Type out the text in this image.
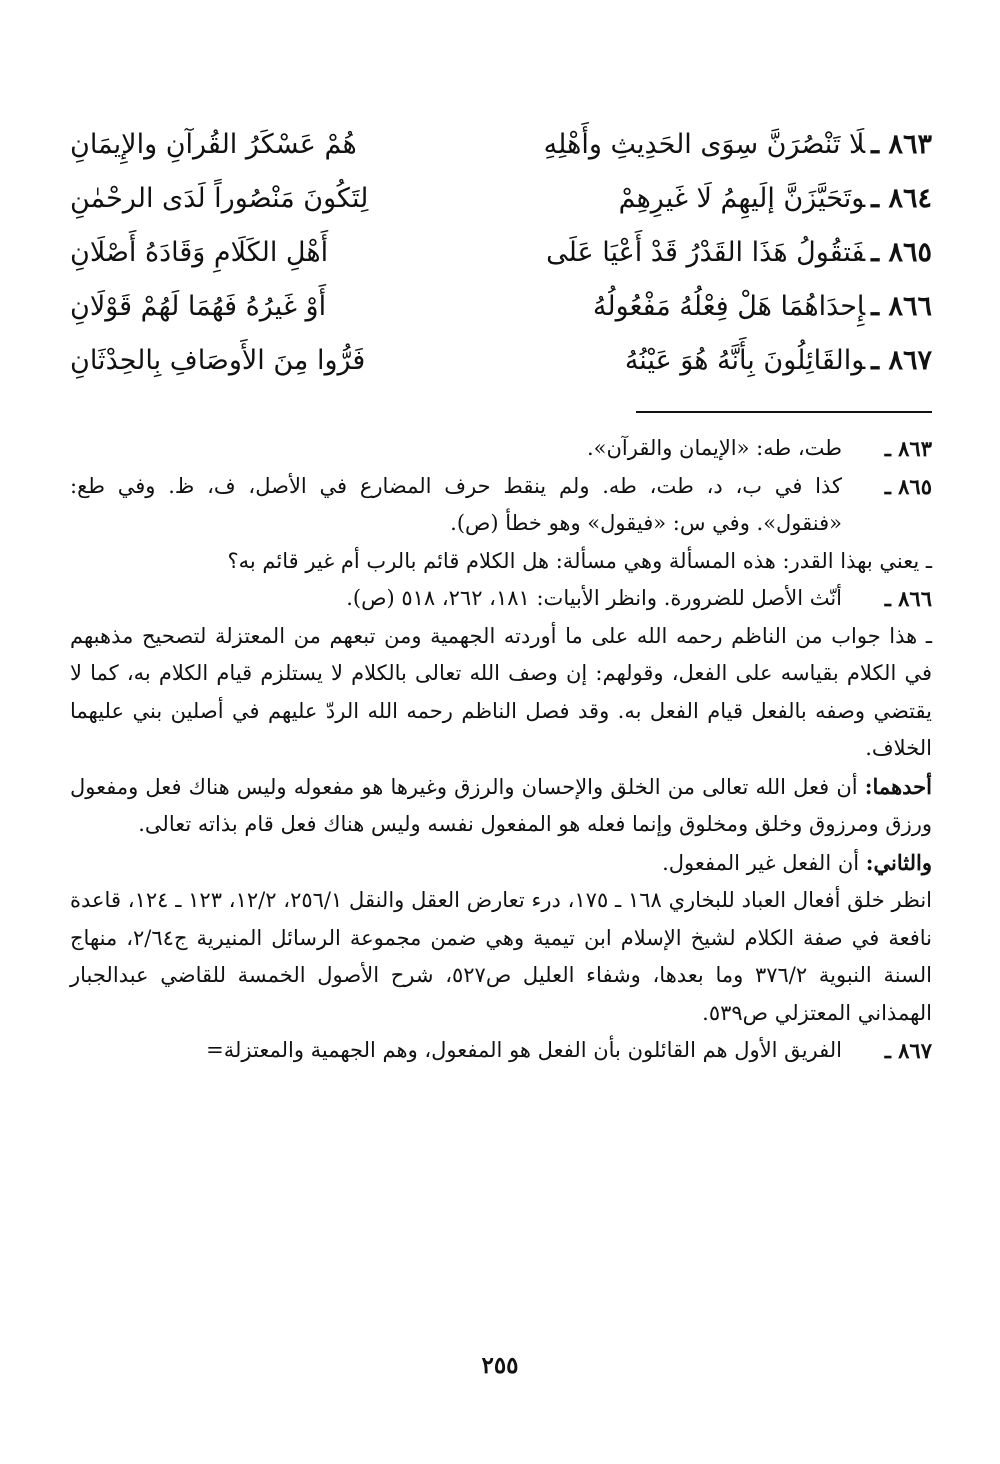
٨٦٣ ـلَا تَنْصُرَنَّ سِوَى الحَدِيثِ وأَهْلِهِ
هُمْ عَسْكَرُ القُرآنِ والإِيمَانِ
٨٦٤ ـوتَحَيَّزَنَّ إلَيهِمُ لَا غَيرِهِمْ
لِتَكُونَ مَنْصُوراً لَدَى الرحْمٰنِ
٨٦٥ ـفَتقُولُ هَذَا القَدْرُ قَدْ أَعْيَا عَلَى
أَهْلِ الكَلَامِ وَقَادَهُ أَصْلَانِ
٨٦٦ ـإِحدَاهُمَا هَلْ فِعْلُهُ مَفْعُولُهُ
أَوْ غَيرُهُ فَهُمَا لَهُمْ قَوْلَانِ
٨٦٧ ـوالقَائِلُونَ بِأَنَّهُ هُوَ عَيْنُهُ
فَرُّوا مِنَ الأَوصَافِ بِالحِدْثَانِ
٨٦٣ ـ
طت، طه: «الإيمان والقرآن».
٨٦٥ ـ
كذا في ب، د، طت، طه. ولم ينقط حرف المضارع في الأصل، ف، ظ. وفي طع: «فنقول». وفي س: «فيقول» وهو خطأ (ص).
ـ يعني بهذا القدر: هذه المسألة وهي مسألة: هل الكلام قائم بالرب أم غير قائم به؟
٨٦٦ ـ
أنّث الأصل للضرورة. وانظر الأبيات: ١٨١، ٢٦٢، ٥١٨ (ص).
ـ هذا جواب من الناظم رحمه الله على ما أوردته الجهمية ومن تبعهم من المعتزلة لتصحيح مذهبهم في الكلام بقياسه على الفعل، وقولهم: إن وصف الله تعالى بالكلام لا يستلزم قيام الكلام به، كما لا يقتضي وصفه بالفعل قيام الفعل به. وقد فصل الناظم رحمه الله الردّ عليهم في أصلين بني عليهما الخلاف.
أحدهما: أن فعل الله تعالى من الخلق والإحسان والرزق وغيرها هو مفعوله وليس هناك فعل ومفعول ورزق ومرزوق وخلق ومخلوق وإنما فعله هو المفعول نفسه وليس هناك فعل قام بذاته تعالى.
والثاني: أن الفعل غير المفعول.
انظر خلق أفعال العباد للبخاري ١٦٨ ـ ١٧٥، درء تعارض العقل والنقل ٢٥٦/١، ١٢/٢، ١٢٣ ـ ١٢٤، قاعدة نافعة في صفة الكلام لشيخ الإسلام ابن تيمية وهي ضمن مجموعة الرسائل المنيرية ج٢/٦٤، منهاج السنة النبوية ٣٧٦/٢ وما بعدها، وشفاء العليل ص٥٢٧، شرح الأصول الخمسة للقاضي عبدالجبار الهمذاني المعتزلي ص٥٣٩.
٨٦٧ ـ
الفريق الأول هم القائلون بأن الفعل هو المفعول، وهم الجهمية والمعتزلة=
٢٥٥
